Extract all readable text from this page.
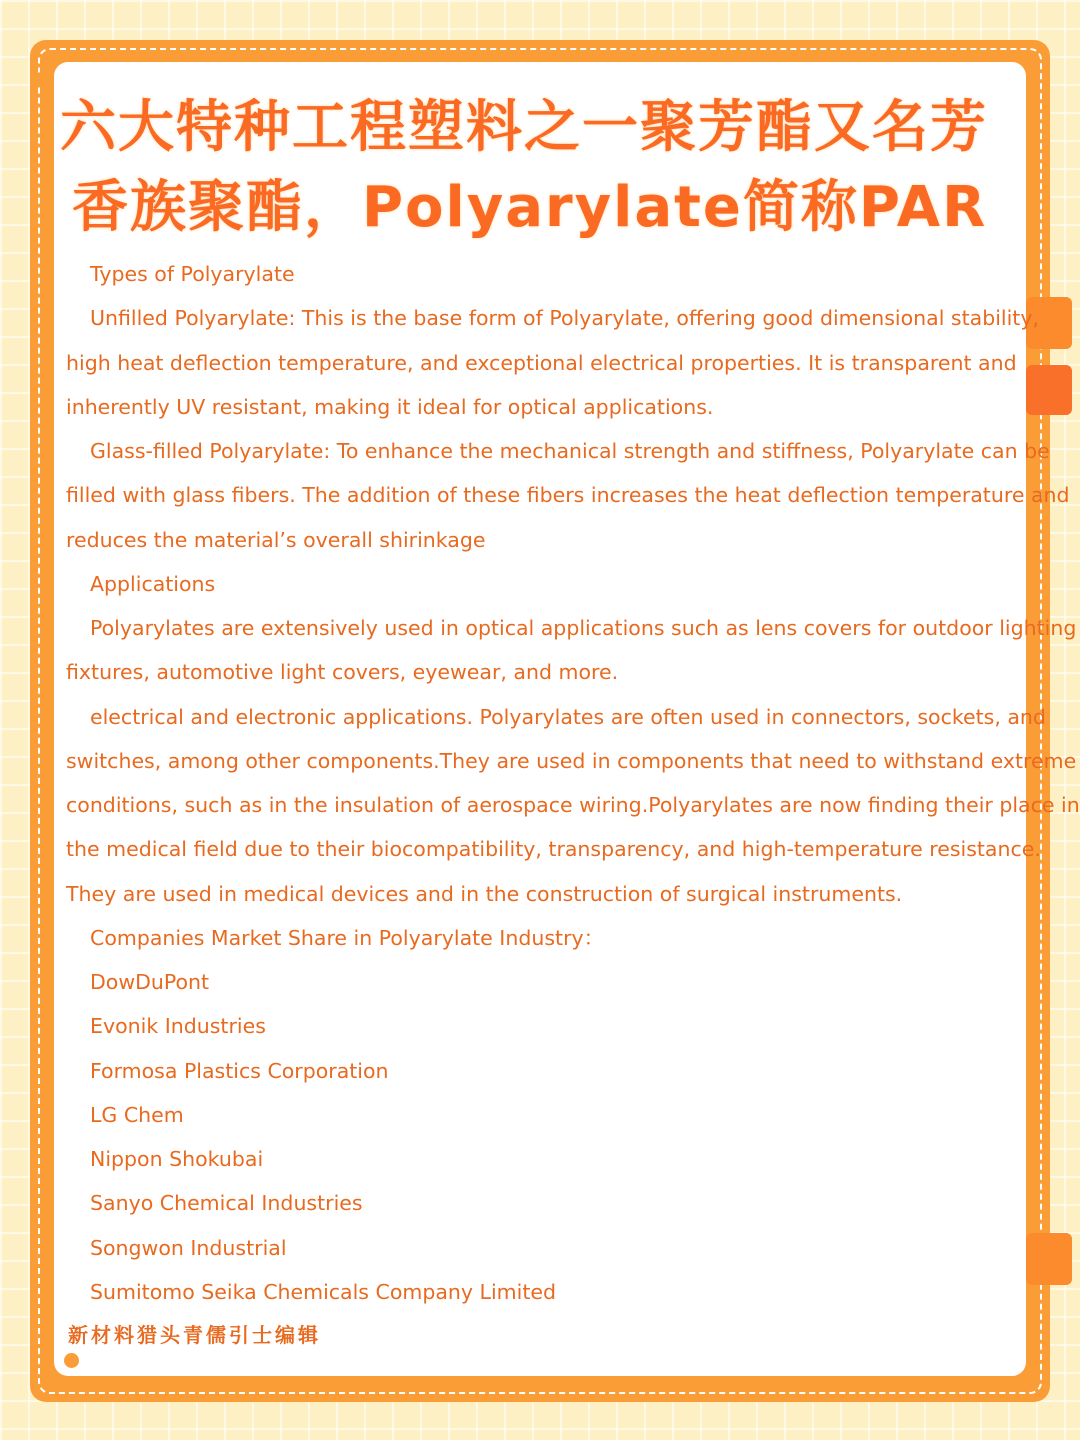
六大特种工程塑料之一聚芳酯又名芳
香族聚酯，Polyarylate简称PAR

Types of Polyarylate

Unfilled Polyarylate: This is the base form of Polyarylate, offering good dimensional stability,

high heat deflection temperature, and exceptional electrical properties. It is transparent and

inherently UV resistant, making it ideal for optical applications.

Glass-filled Polyarylate: To enhance the mechanical strength and stiffness, Polyarylate can be

filled with glass fibers. The addition of these fibers increases the heat deflection temperature and

reduces the material’s overall shirinkage

Applications

Polyarylates are extensively used in optical applications such as lens covers for outdoor lighting

fixtures, automotive light covers, eyewear, and more.

electrical and electronic applications. Polyarylates are often used in connectors, sockets, and

switches, among other components.They are used in components that need to withstand extreme

conditions, such as in the insulation of aerospace wiring.Polyarylates are now finding their place in

the medical field due to their biocompatibility, transparency, and high-temperature resistance.

They are used in medical devices and in the construction of surgical instruments.

Companies Market Share in Polyarylate Industry：

DowDuPont

Evonik Industries

Formosa Plastics Corporation

LG Chem

Nippon Shokubai

Sanyo Chemical Industries

Songwon Industrial

Sumitomo Seika Chemicals Company Limited

新材料猎头青儒引士编辑
